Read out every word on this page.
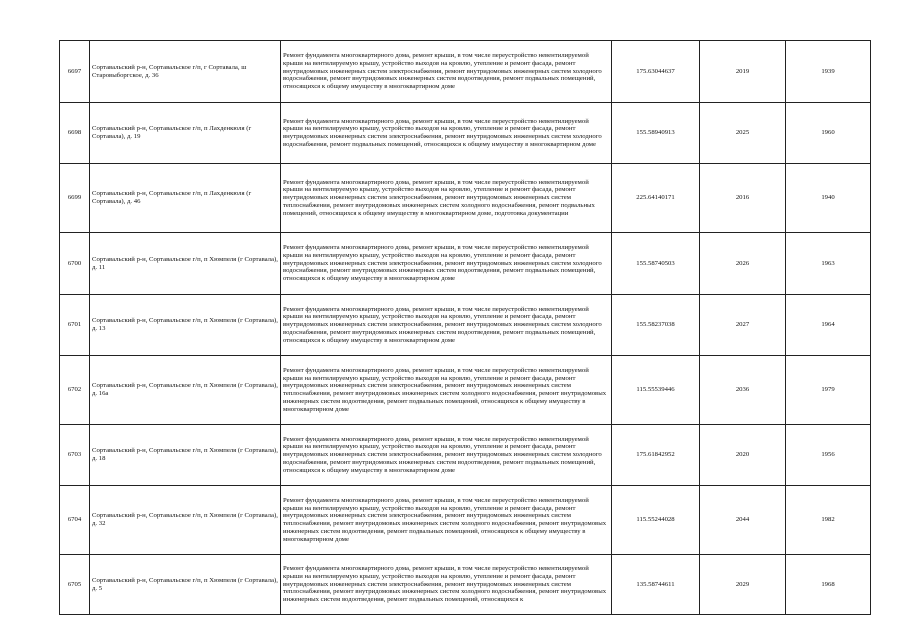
6697	Сортавальский р-н, Сортавальское г/п, г Сортавала, ш Старовыборгское, д. 36	Ремонт фундамента многоквартирного дома, ремонт крыши, в том числе переустройство невентилируемой крыши на вентилируемую крышу, устройство выходов на кровлю, утепление и ремонт фасада, ремонт внутридомовых инженерных систем электроснабжения, ремонт внутридомовых инженерных систем холодного водоснабжения, ремонт внутридомовых инженерных систем водоотведения, ремонт подвальных помещений, относящихся к общему имуществу в многоквартирном доме	175.63044637	2019	1939
6698	Сортавальский р-н, Сортавальское г/п, п Лахденкюля (г Сортавала), д. 19	Ремонт фундамента многоквартирного дома, ремонт крыши, в том числе переустройство невентилируемой крыши на вентилируемую крышу, устройство выходов на кровлю, утепление и ремонт фасада, ремонт внутридомовых инженерных систем электроснабжения, ремонт внутридомовых инженерных систем холодного водоснабжения, ремонт подвальных помещений, относящихся к общему имуществу в многоквартирном доме	155.58940913	2025	1960
6699	Сортавальский р-н, Сортавальское г/п, п Лахденкюля (г Сортавала), д. 46	Ремонт фундамента многоквартирного дома, ремонт крыши, в том числе переустройство невентилируемой крыши на вентилируемую крышу, устройство выходов на кровлю, утепление и ремонт фасада, ремонт внутридомовых инженерных систем электроснабжения, ремонт внутридомовых инженерных систем теплоснабжения, ремонт внутридомовых инженерных систем холодного водоснабжения, ремонт подвальных помещений, относящихся к общему имуществу в многоквартирном доме, подготовка документации	225.64140171	2016	1940
6700	Сортавальский р-н, Сортавальское г/п, п Хюмпеля (г Сортавала), д. 11	Ремонт фундамента многоквартирного дома, ремонт крыши, в том числе переустройство невентилируемой крыши на вентилируемую крышу, устройство выходов на кровлю, утепление и ремонт фасада, ремонт внутридомовых инженерных систем электроснабжения, ремонт внутридомовых инженерных систем холодного водоснабжения, ремонт внутридомовых инженерных систем водоотведения, ремонт подвальных помещений, относящихся к общему имуществу в многоквартирном доме	155.58740503	2026	1963
6701	Сортавальский р-н, Сортавальское г/п, п Хюмпеля (г Сортавала), д. 13	Ремонт фундамента многоквартирного дома, ремонт крыши, в том числе переустройство невентилируемой крыши на вентилируемую крышу, устройство выходов на кровлю, утепление и ремонт фасада, ремонт внутридомовых инженерных систем электроснабжения, ремонт внутридомовых инженерных систем холодного водоснабжения, ремонт внутридомовых инженерных систем водоотведения, ремонт подвальных помещений, относящихся к общему имуществу в многоквартирном доме	155.58237038	2027	1964
6702	Сортавальский р-н, Сортавальское г/п, п Хюмпеля (г Сортавала), д. 16а	Ремонт фундамента многоквартирного дома, ремонт крыши, в том числе переустройство невентилируемой крыши на вентилируемую крышу, устройство выходов на кровлю, утепление и ремонт фасада, ремонт внутридомовых инженерных систем электроснабжения, ремонт внутридомовых инженерных систем теплоснабжения, ремонт внутридомовых инженерных систем холодного водоснабжения, ремонт внутридомовых инженерных систем водоотведения, ремонт подвальных помещений, относящихся к общему имуществу в многоквартирном доме	115.55539446	2036	1979
6703	Сортавальский р-н, Сортавальское г/п, п Хюмпеля (г Сортавала), д. 18	Ремонт фундамента многоквартирного дома, ремонт крыши, в том числе переустройство невентилируемой крыши на вентилируемую крышу, устройство выходов на кровлю, утепление и ремонт фасада, ремонт внутридомовых инженерных систем электроснабжения, ремонт внутридомовых инженерных систем холодного водоснабжения, ремонт внутридомовых инженерных систем водоотведения, ремонт подвальных помещений, относящихся к общему имуществу в многоквартирном доме	175.61842952	2020	1956
6704	Сортавальский р-н, Сортавальское г/п, п Хюмпеля (г Сортавала), д. 32	Ремонт фундамента многоквартирного дома, ремонт крыши, в том числе переустройство невентилируемой крыши на вентилируемую крышу, устройство выходов на кровлю, утепление и ремонт фасада, ремонт внутридомовых инженерных систем электроснабжения, ремонт внутридомовых инженерных систем теплоснабжения, ремонт внутридомовых инженерных систем холодного водоснабжения, ремонт внутридомовых инженерных систем водоотведения, ремонт подвальных помещений, относящихся к общему имуществу в многоквартирном доме	115.55244028	2044	1982
6705	Сортавальский р-н, Сортавальское г/п, п Хюмпеля (г Сортавала), д. 5	Ремонт фундамента многоквартирного дома, ремонт крыши, в том числе переустройство невентилируемой крыши на вентилируемую крышу, устройство выходов на кровлю, утепление и ремонт фасада, ремонт внутридомовых инженерных систем электроснабжения, ремонт внутридомовых инженерных систем теплоснабжения, ремонт внутридомовых инженерных систем холодного водоснабжения, ремонт внутридомовых инженерных систем водоотведения, ремонт подвальных помещений, относящихся к	135.58744611	2029	1968
